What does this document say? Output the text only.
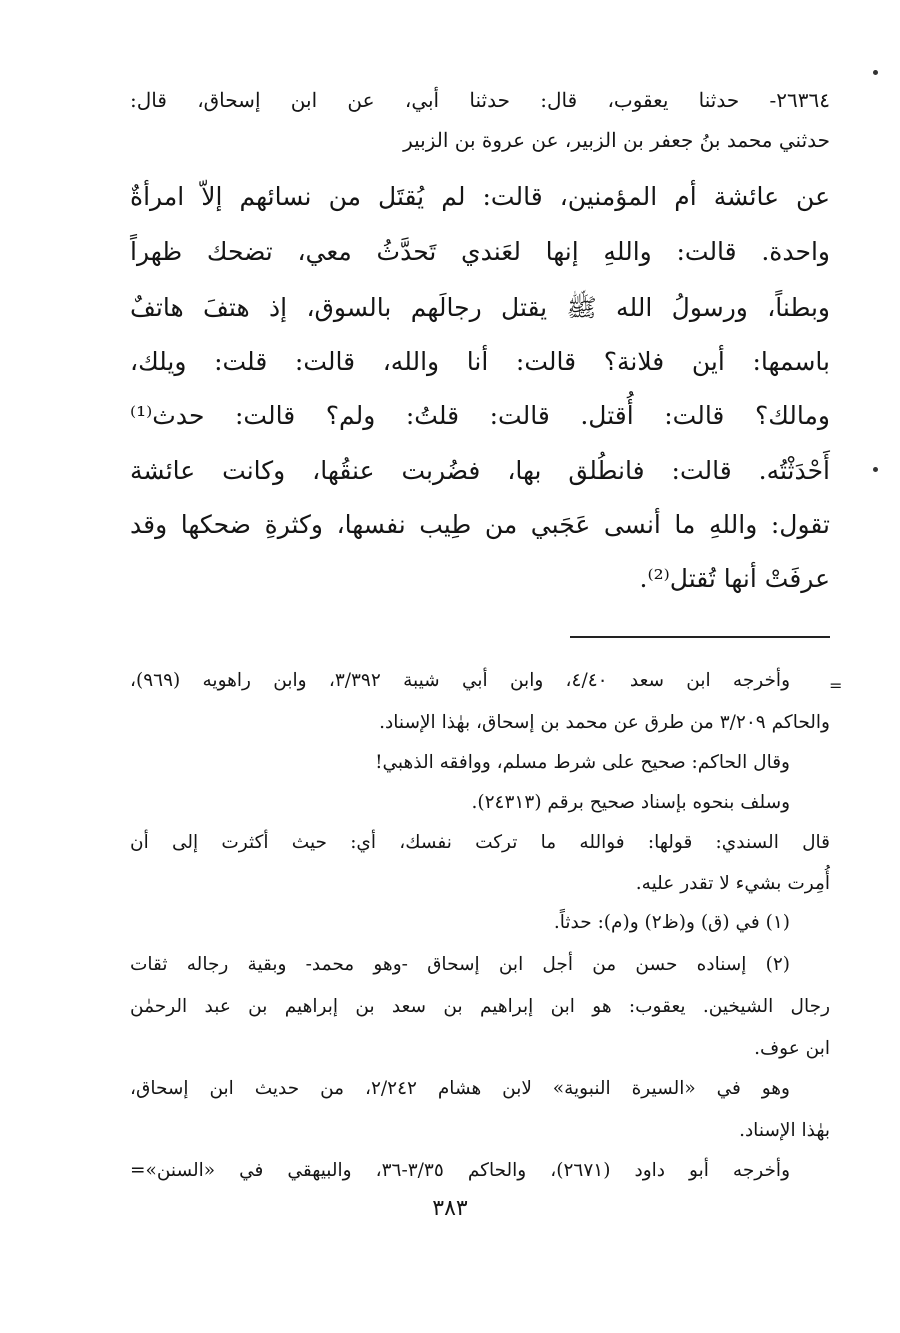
٢٦٣٦٤- حدثنا يعقوب، قال: حدثنا أبي، عن ابن إسحاق، قال:
حدثني محمد بنُ جعفر بن الزبير، عن عروة بن الزبير
عن عائشة أم المؤمنين، قالت: لم يُقتَل من نسائهم إلاّ امرأةٌ
واحدة. قالت: واللهِ إنها لعَندي تَحدَّثُ معي، تضحك ظهراً
وبطناً، ورسولُ الله ﷺ يقتل رجالَهم بالسوق، إذ هتفَ هاتفٌ
باسمها: أين فلانة؟ قالت: أنا والله، قالت: قلت: ويلك،
ومالك؟ قالت: أُقتل. قالت: قلتُ: ولم؟ قالت: حدث⁽¹⁾
أَحْدَثْتُه. قالت: فانطُلق بها، فضُربت عنقُها، وكانت عائشة
تقول: واللهِ ما أنسى عَجَبي من طِيب نفسها، وكثرةِ ضحكها وقد
عرفَتْ أنها تُقتل⁽²⁾.
=
وأخرجه ابن سعد ٤/٤٠، وابن أبي شيبة ٣/٣٩٢، وابن راهويه (٩٦٩)،
والحاكم ٣/٢٠٩ من طرق عن محمد بن إسحاق، بهٰذا الإسناد.
وقال الحاكم: صحيح على شرط مسلم، ووافقه الذهبي!
وسلف بنحوه بإسناد صحيح برقم (٢٤٣١٣).
قال السندي: قولها: فوالله ما تركت نفسك، أي: حيث أكثرت إلى أن
أُمِرت بشيء لا تقدر عليه.
(١) في (ق) و(ظ٢) و(م): حدثاً.
(٢) إسناده حسن من أجل ابن إسحاق -وهو محمد- وبقية رجاله ثقات
رجال الشيخين. يعقوب: هو ابن إبراهيم بن سعد بن إبراهيم بن عبد الرحمٰن
ابن عوف.
وهو في «السيرة النبوية» لابن هشام ٢/٢٤٢، من حديث ابن إسحاق،
بهٰذا الإسناد.
وأخرجه أبو داود (٢٦٧١)، والحاكم ٣/٣٥-٣٦، والبيهقي في «السنن»=
٣٨٣
